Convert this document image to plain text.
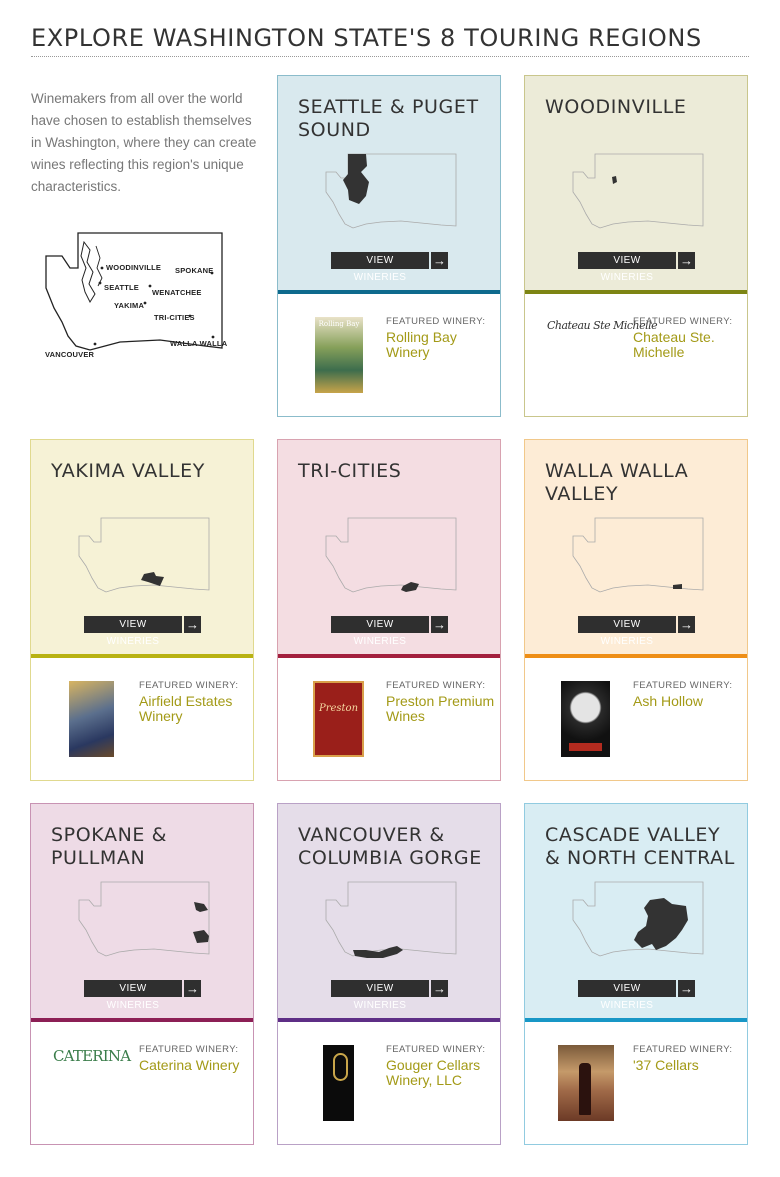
EXPLORE WASHINGTON STATE'S 8 TOURING REGIONS

Winemakers from all over the world have chosen to establish themselves in Washington, where they can create wines reflecting this region's unique characteristics.

WOODINVILLE SPOKANE
SEATTLE
WENATCHEE
YAKIMA
TRI-CITIES
VANCOUVER
WALLA WALLA
SEATTLE & PUGET SOUND
VIEW WINERIES
→
Rolling Bay	FEATURED WINERY:
Rolling Bay Winery
WOODINVILLE
VIEW WINERIES
→
Chateau Ste Michelle
FEATURED WINERY:
Chateau Ste. Michelle
YAKIMA VALLEY
VIEW WINERIES
→
FEATURED WINERY:
Airfield Estates Winery
TRI-CITIES
VIEW WINERIES
→
Preston
FEATURED WINERY:
Preston Premium Wines
WALLA WALLA VALLEY
VIEW WINERIES
→
FEATURED WINERY:
Ash Hollow
SPOKANE & PULLMAN
VIEW WINERIES
→
CATERINA FEATURED WINERY:
Caterina Winery
VANCOUVER & COLUMBIA GORGE
VIEW WINERIES
→
FEATURED WINERY:
Gouger Cellars Winery, LLC
CASCADE VALLEY & NORTH CENTRAL
VIEW WINERIES
→
FEATURED WINERY:
'37 Cellars
